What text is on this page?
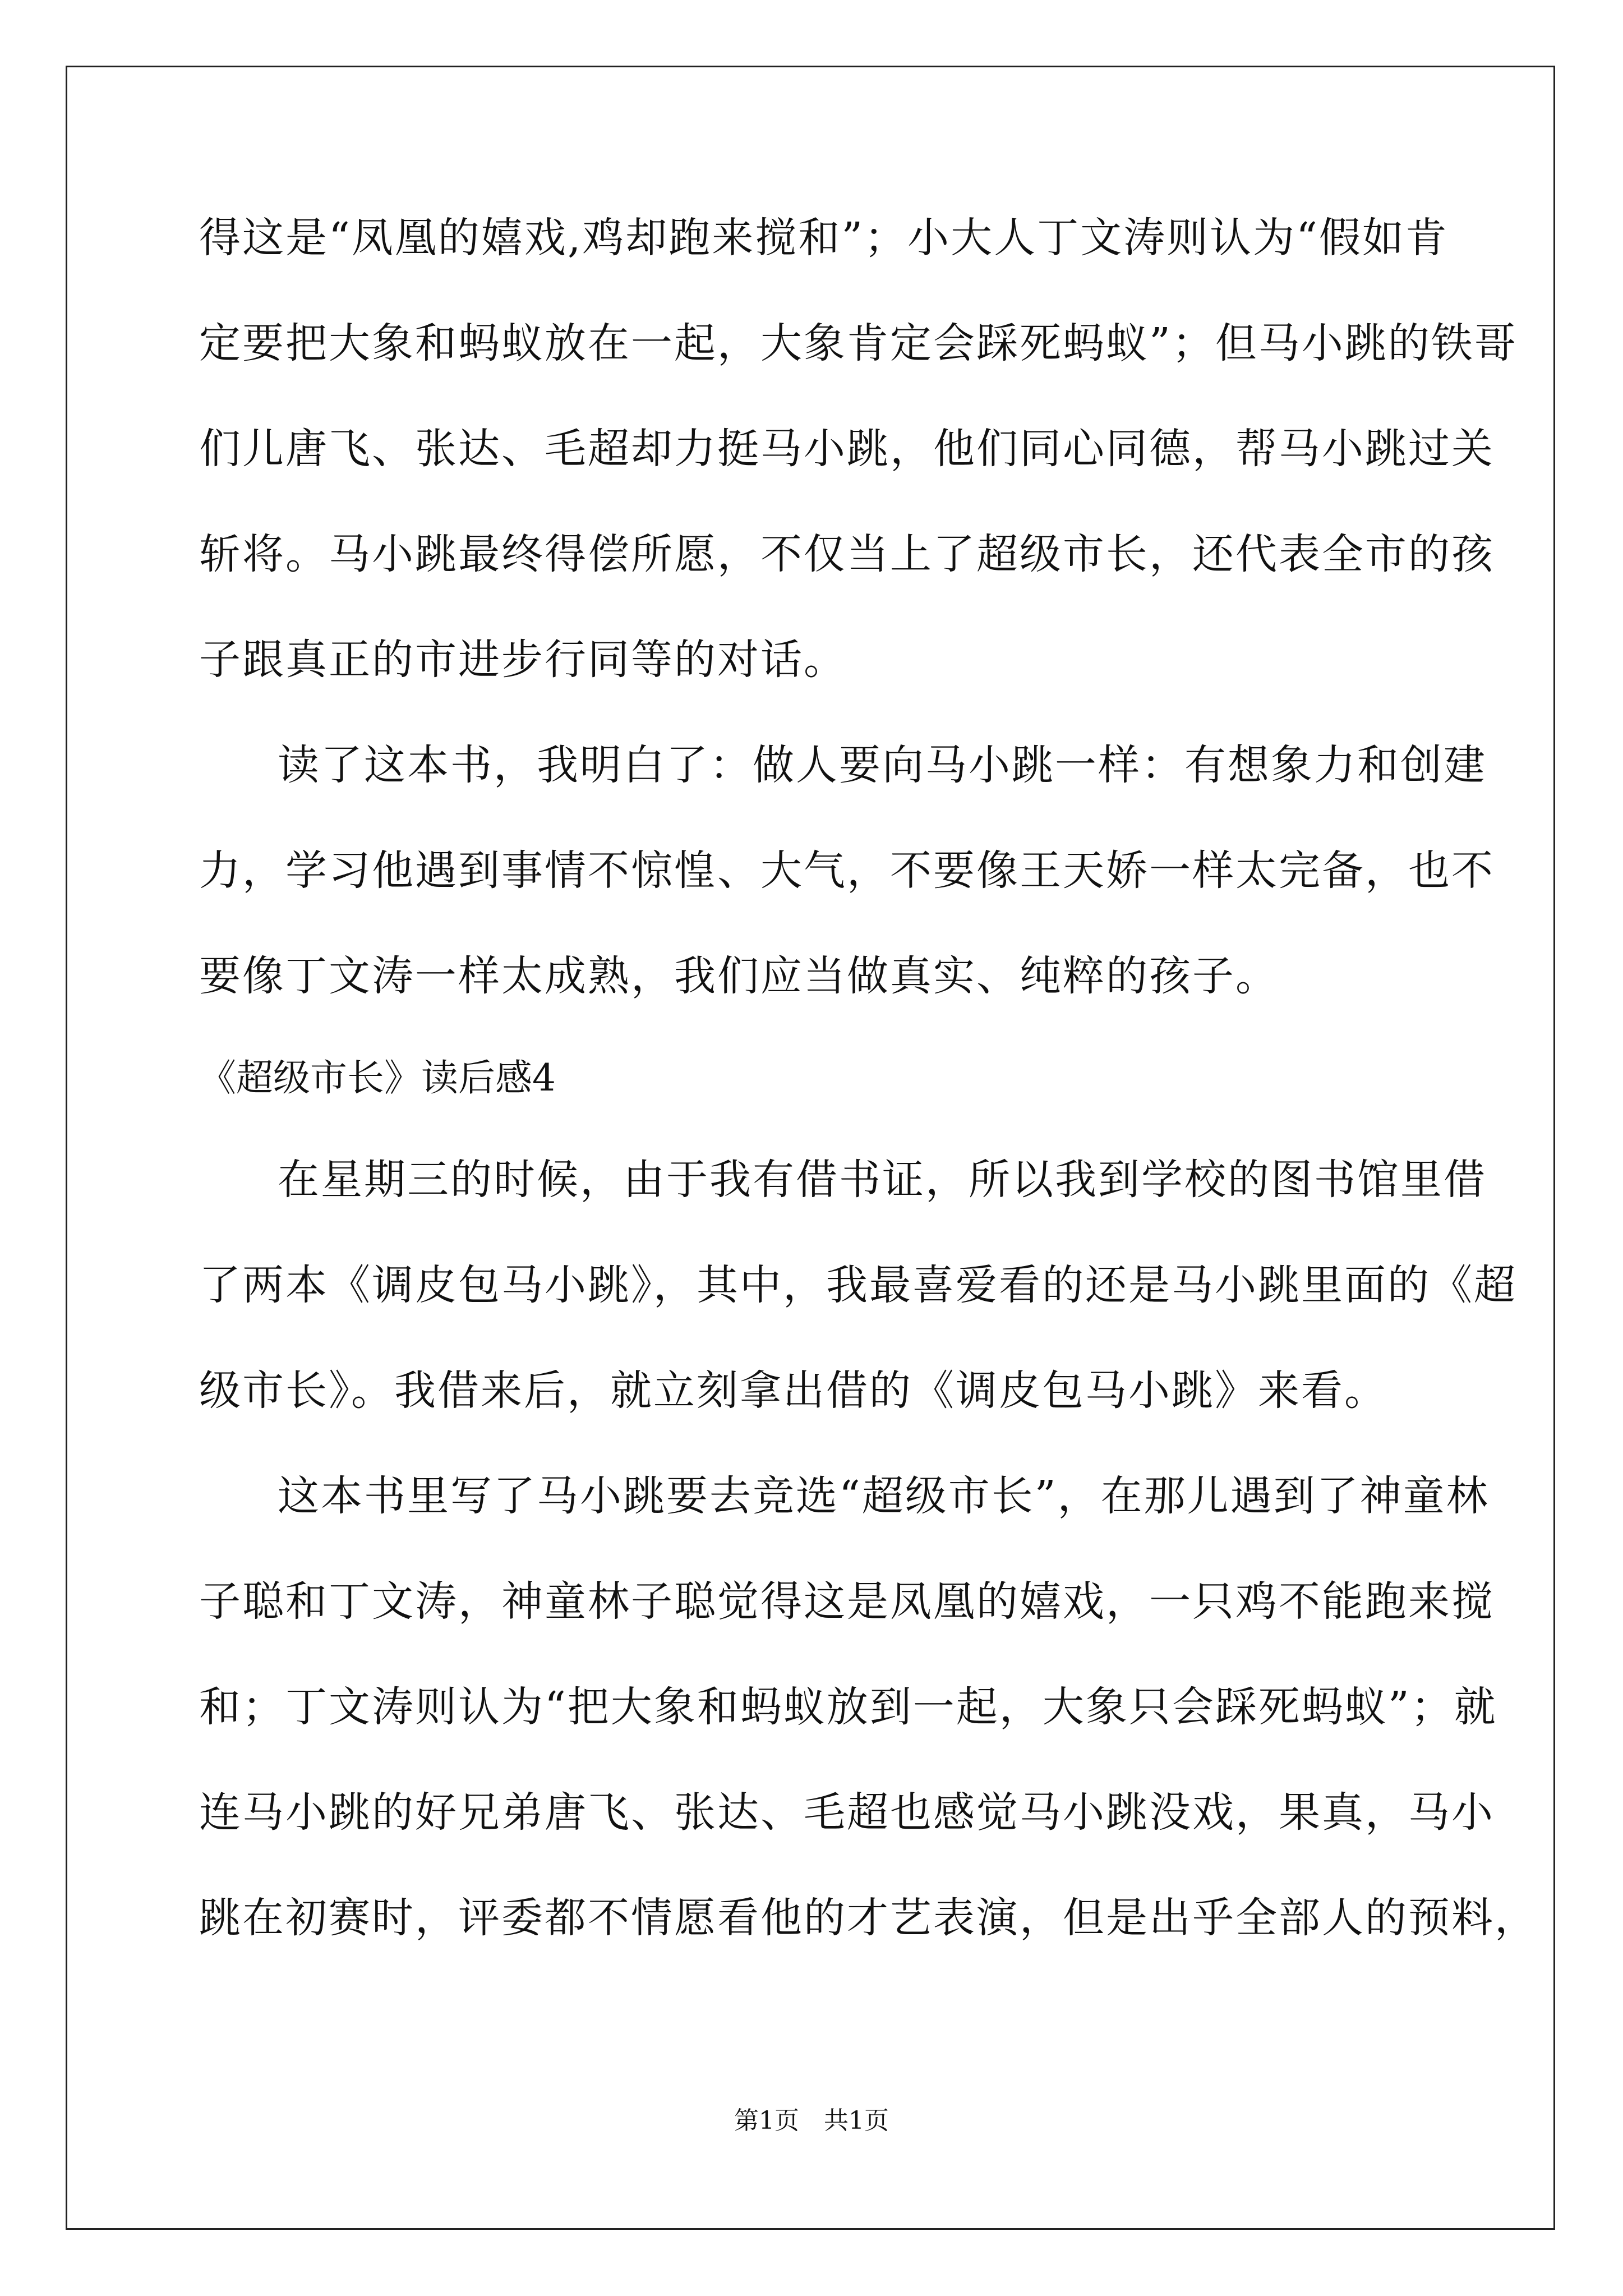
得这是“凤凰的嬉戏,鸡却跑来搅和”；小大人丁文涛则认为“假如肯
定要把大象和蚂蚁放在一起，大象肯定会踩死蚂蚁”；但马小跳的铁哥
们儿唐飞、张达、毛超却力挺马小跳，他们同心同德，帮马小跳过关
斩将。马小跳最终得偿所愿，不仅当上了超级市长，还代表全市的孩
子跟真正的市进步行同等的对话。
读了这本书，我明白了：做人要向马小跳一样：有想象力和创建
力，学习他遇到事情不惊惶、大气，不要像王天娇一样太完备，也不
要像丁文涛一样太成熟，我们应当做真实、纯粹的孩子。
《超级市长》读后感4
在星期三的时候，由于我有借书证，所以我到学校的图书馆里借
了两本《调皮包马小跳》，其中，我最喜爱看的还是马小跳里面的《超
级市长》。我借来后，就立刻拿出借的《调皮包马小跳》来看。
这本书里写了马小跳要去竞选“超级市长”，在那儿遇到了神童林
子聪和丁文涛，神童林子聪觉得这是凤凰的嬉戏，一只鸡不能跑来搅
和；丁文涛则认为“把大象和蚂蚁放到一起，大象只会踩死蚂蚁”；就
连马小跳的好兄弟唐飞、张达、毛超也感觉马小跳没戏，果真，马小
跳在初赛时，评委都不情愿看他的才艺表演，但是出乎全部人的预料，
第1页　共1页
